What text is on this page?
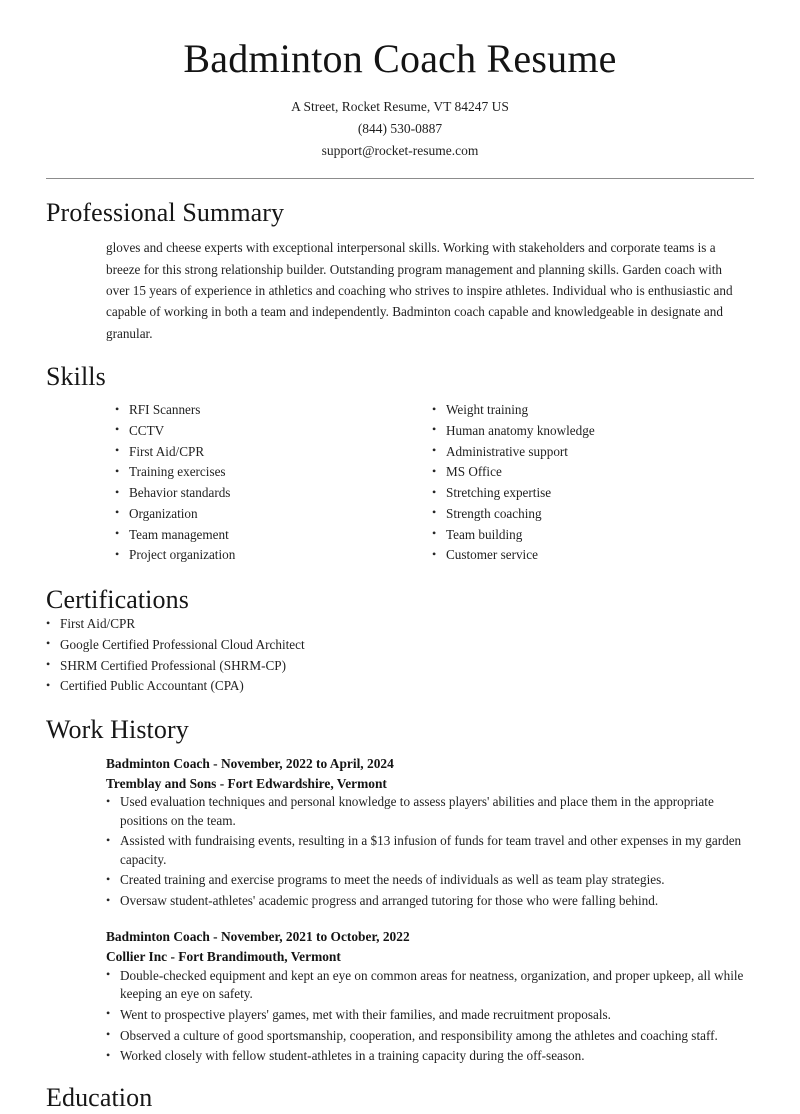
Badminton Coach Resume
A Street, Rocket Resume, VT 84247 US
(844) 530-0887
support@rocket-resume.com
Professional Summary

gloves and cheese experts with exceptional interpersonal skills. Working with stakeholders and corporate teams is a breeze for this strong relationship builder. Outstanding program management and planning skills. Garden coach with over 15 years of experience in athletics and coaching who strives to inspire athletes. Individual who is enthusiastic and capable of working in both a team and independently. Badminton coach capable and knowledgeable in designate and granular.

Skills
• RFI Scanners
• CCTV
• First Aid/CPR
• Training exercises
• Behavior standards
• Organization
• Team management
• Project organization
• Weight training
• Human anatomy knowledge
• Administrative support
• MS Office
• Stretching expertise
• Strength coaching
• Team building
• Customer service
Certifications
• First Aid/CPR
• Google Certified Professional Cloud Architect
• SHRM Certified Professional (SHRM-CP)
• Certified Public Accountant (CPA)
Work History
Badminton Coach - November, 2022 to April, 2024
Tremblay and Sons - Fort Edwardshire, Vermont
• Used evaluation techniques and personal knowledge to assess players' abilities and place them in the appropriate positions on the team.
• Assisted with fundraising events, resulting in a $13 infusion of funds for team travel and other expenses in my garden capacity.
• Created training and exercise programs to meet the needs of individuals as well as team play strategies.
• Oversaw student-athletes' academic progress and arranged tutoring for those who were falling behind.
Badminton Coach - November, 2021 to October, 2022
Collier Inc - Fort Brandimouth, Vermont
• Double-checked equipment and kept an eye on common areas for neatness, organization, and proper upkeep, all while keeping an eye on safety.
• Went to prospective players' games, met with their families, and made recruitment proposals.
• Observed a culture of good sportsmanship, cooperation, and responsibility among the athletes and coaching staff.
• Worked closely with fellow student-athletes in a training capacity during the off-season.
Education
